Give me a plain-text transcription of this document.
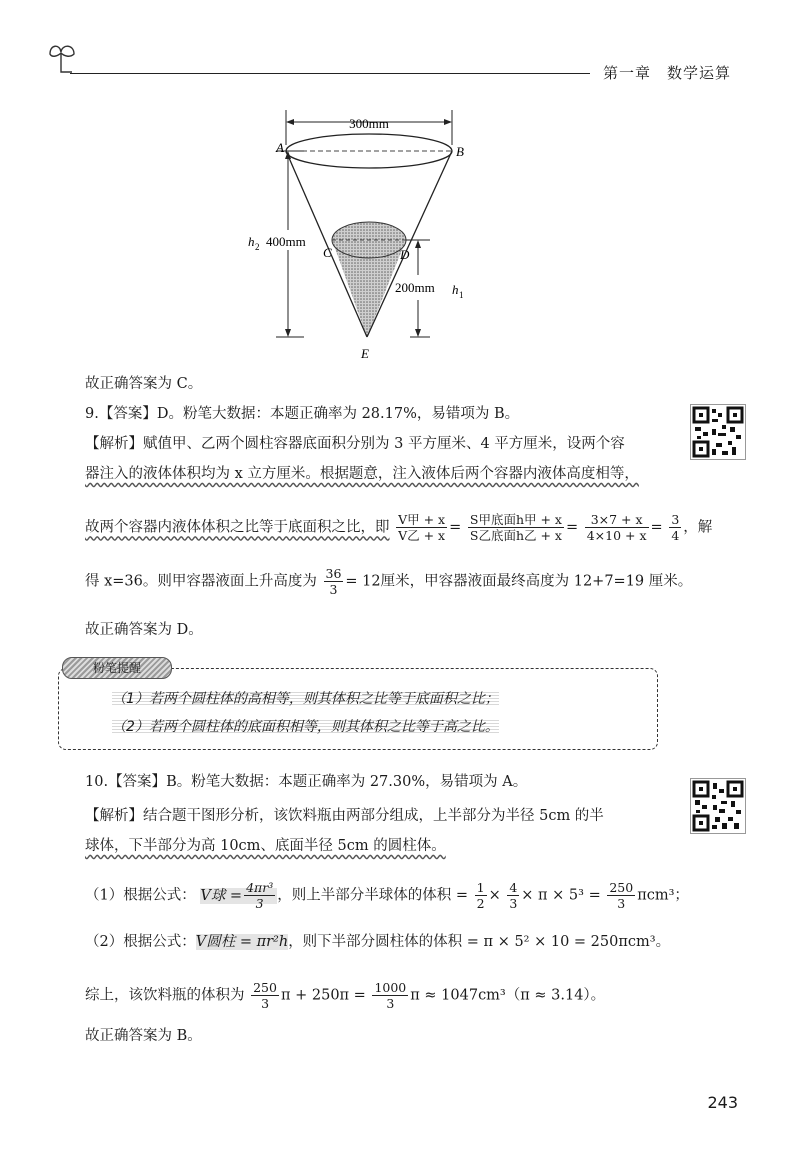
第一章 数学运算
300mm
A	B
C	D
E
h 2 400mm
200mm h 1
故正确答案为 C。
9.【答案】D。粉笔大数据：本题正确率为 28.17%，易错项为 B。
【解析】赋值甲、乙两个圆柱容器底面积分别为 3 平方厘米、4 平方厘米，设两个容
器注入的液体体积均为 x 立方厘米。根据题意，注入液体后两个容器内液体高度相等，
故两个容器内液体体积之比等于底面积之比，即 $\frac{\text{V甲 + x}}{\text{V乙 + x}} = \frac{\text{S甲底面h甲 + x}}{\text{S乙底面h乙 + x}} = \frac{3\times 7 + x}{4\times 10 + x} = \frac{3}{4}$ ，解
得 x=36。则甲容器液面上升高度为 $\frac{36}{3} = 12$厘米，甲容器液面最终高度为 12+7=19 厘米。
故正确答案为 D。
粉笔提醒
（1）若两个圆柱体的高相等，则其体积之比等于底面积之比；
（2）若两个圆柱体的底面积相等，则其体积之比等于高之比。
10.【答案】B。粉笔大数据：本题正确率为 27.30%，易错项为 A。
【解析】结合题干图形分析，该饮料瓶由两部分组成，上半部分为半径 5cm 的半
球体，下半部分为高 10cm、底面半径 5cm 的圆柱体。
（1）根据公式： V球 = $\frac{\text{4πr³}}{3}$ ，则上半部分半球体的体积 = $\frac{1}{2} \times \frac{4}{3} \times \pi \times 5^3 = \frac{250}{3} \pi cm^3$；
（2）根据公式：V圆柱 = πr²h，则下半部分圆柱体的体积 = π × 5² × 10 = 250πcm³。
综上，该饮料瓶的体积为 $\frac{250}{3}$ $\pi + 250\pi = \frac{1000}{3}$ π ≈ 1047cm³（π ≈ 3.14）。
故正确答案为 B。
243
